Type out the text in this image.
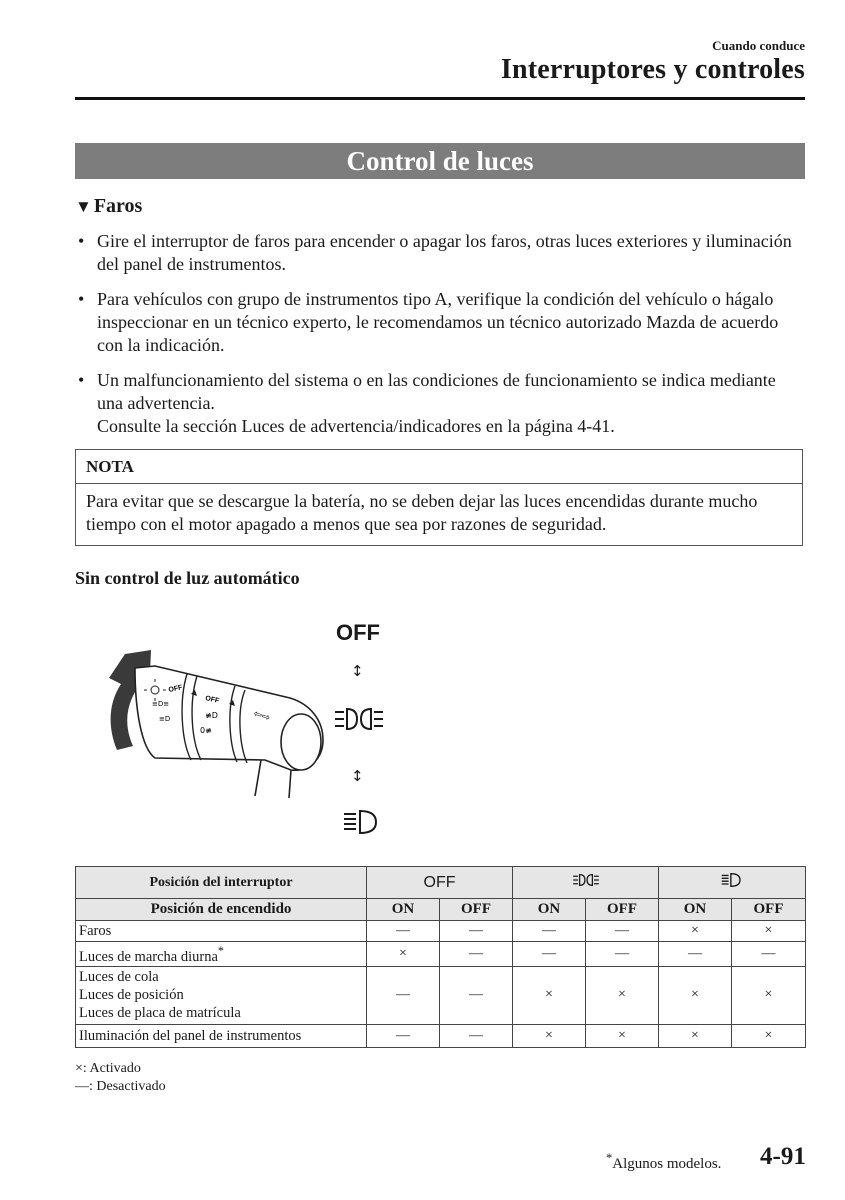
Cuando conduce
Interruptores y controles
Control de luces
▼ Faros
• Gire el interruptor de faros para encender o apagar los faros, otras luces exteriores y iluminación del panel de instrumentos.
• Para vehículos con grupo de instrumentos tipo A, verifique la condición del vehículo o hágalo inspeccionar en un técnico experto, le recomendamos un técnico autorizado Mazda de acuerdo con la indicación.
• Un malfuncionamiento del sistema o en las condiciones de funcionamiento se indica mediante una advertencia.
Consulte la sección Luces de advertencia/indicadores en la página 4-41.
NOTA
Para evitar que se descargue la batería, no se deben dejar las luces encendidas durante mucho tiempo con el motor apagado a menos que sea por razones de seguridad.
Sin control de luz automático
OFF
OFF
≡D≡
≡D	≢D
0≢
⇦⇨
OFF
↕
↕
Posición del interruptor	OFF		
Posición de encendido	ON	OFF	ON	OFF	ON	OFF
Faros	—	—	—	—	×	×
Luces de marcha diurna*	×	—	—	—	—	—

Luces de cola
Luces de posición
Luces de placa de matrícula	—	—	×	×	×	×
Iluminación del panel de instrumentos	—	—	×	×	×	×
×: Activado
—: Desactivado
*Algunos modelos. 4-91
